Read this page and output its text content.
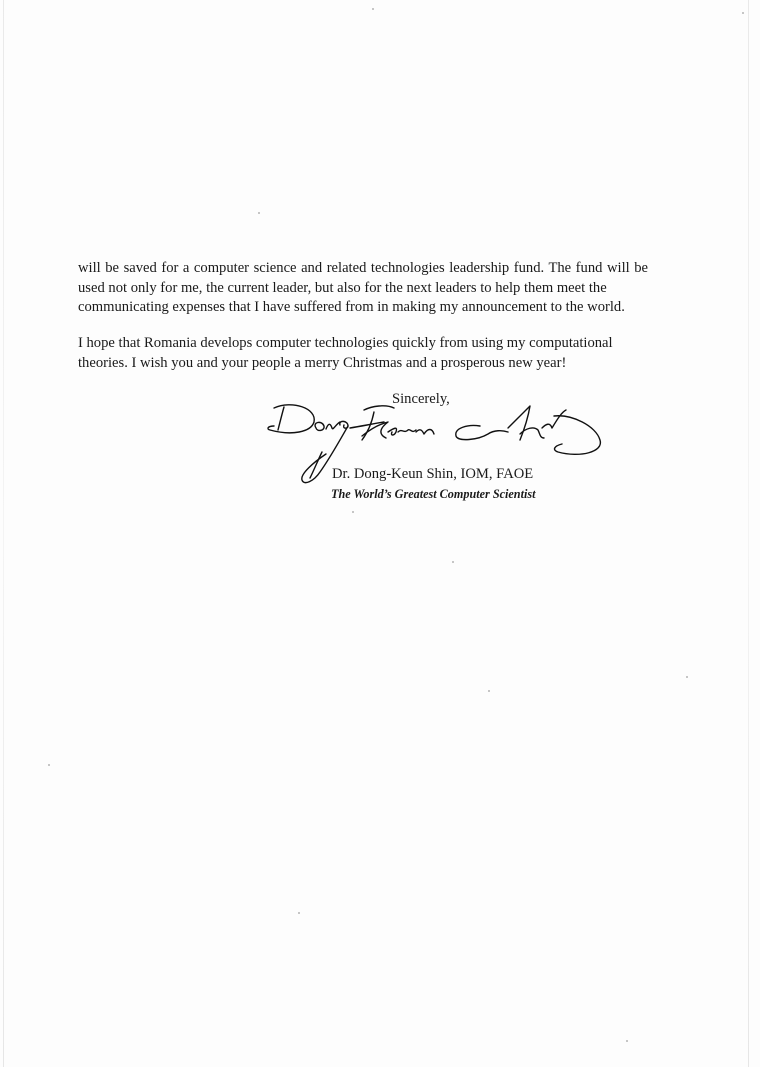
will be saved for a computer science and related technologies leadership fund. The fund will be used not only for me, the current leader, but also for the next leaders to help them meet the
communicating expenses that I have suffered from in making my announcement to the world.

I hope that Romania develops computer technologies quickly from using my computational
theories. I wish you and your people a merry Christmas and a prosperous new year!

Sincerely,
Dr. Dong-Keun Shin, IOM, FAOE
The World’s Greatest Computer Scientist
